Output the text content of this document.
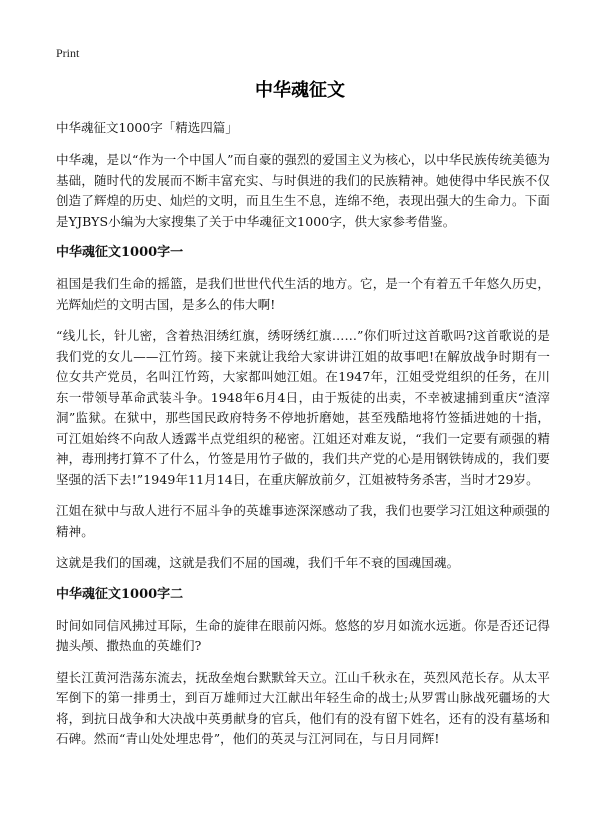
Print
中华魂征文

中华魂征文1000字「精选四篇」

中华魂，是以“作为一个中国人”而自豪的强烈的爱国主义为核心，以中华民族传统美德为基础，随时代的发展而不断丰富充实、与时俱进的我们的民族精神。她使得中华民族不仅创造了辉煌的历史、灿烂的文明，而且生生不息，连绵不绝，表现出强大的生命力。下面是YJBYS小编为大家搜集了关于中华魂征文1000字，供大家参考借鉴。

中华魂征文1000字一

祖国是我们生命的摇篮，是我们世世代代生活的地方。它，是一个有着五千年悠久历史，光辉灿烂的文明古国，是多么的伟大啊!

“线儿长，针儿密，含着热泪绣红旗，绣呀绣红旗……”你们听过这首歌吗?这首歌说的是我们党的女儿——江竹筠。接下来就让我给大家讲讲江姐的故事吧!在解放战争时期有一位女共产党员，名叫江竹筠，大家都叫她江姐。在1947年，江姐受党组织的任务，在川东一带领导革命武装斗争。1948年6月4日，由于叛徒的出卖，不幸被逮捕到重庆“渣滓洞”监狱。在狱中，那些国民政府特务不停地折磨她，甚至残酷地将竹签插进她的十指，可江姐始终不向敌人透露半点党组织的秘密。江姐还对难友说，“我们一定要有顽强的精神，毒刑拷打算不了什么，竹签是用竹子做的，我们共产党的心是用钢铁铸成的，我们要坚强的活下去!”1949年11月14日，在重庆解放前夕，江姐被特务杀害，当时才29岁。

江姐在狱中与敌人进行不屈斗争的英雄事迹深深感动了我，我们也要学习江姐这种顽强的精神。

这就是我们的国魂，这就是我们不屈的国魂，我们千年不衰的国魂国魂。

中华魂征文1000字二

时间如同信风拂过耳际，生命的旋律在眼前闪烁。悠悠的岁月如流水远逝。你是否还记得抛头颅、撒热血的英雄们?

望长江黄河浩荡东流去，抚敌垒炮台默默耸天立。江山千秋永在，英烈风范长存。从太平军倒下的第一排勇士，到百万雄师过大江献出年轻生命的战士;从罗霄山脉战死疆场的大将，到抗日战争和大决战中英勇献身的官兵，他们有的没有留下姓名，还有的没有墓场和石碑。然而“青山处处埋忠骨”，他们的英灵与江河同在，与日月同辉!
